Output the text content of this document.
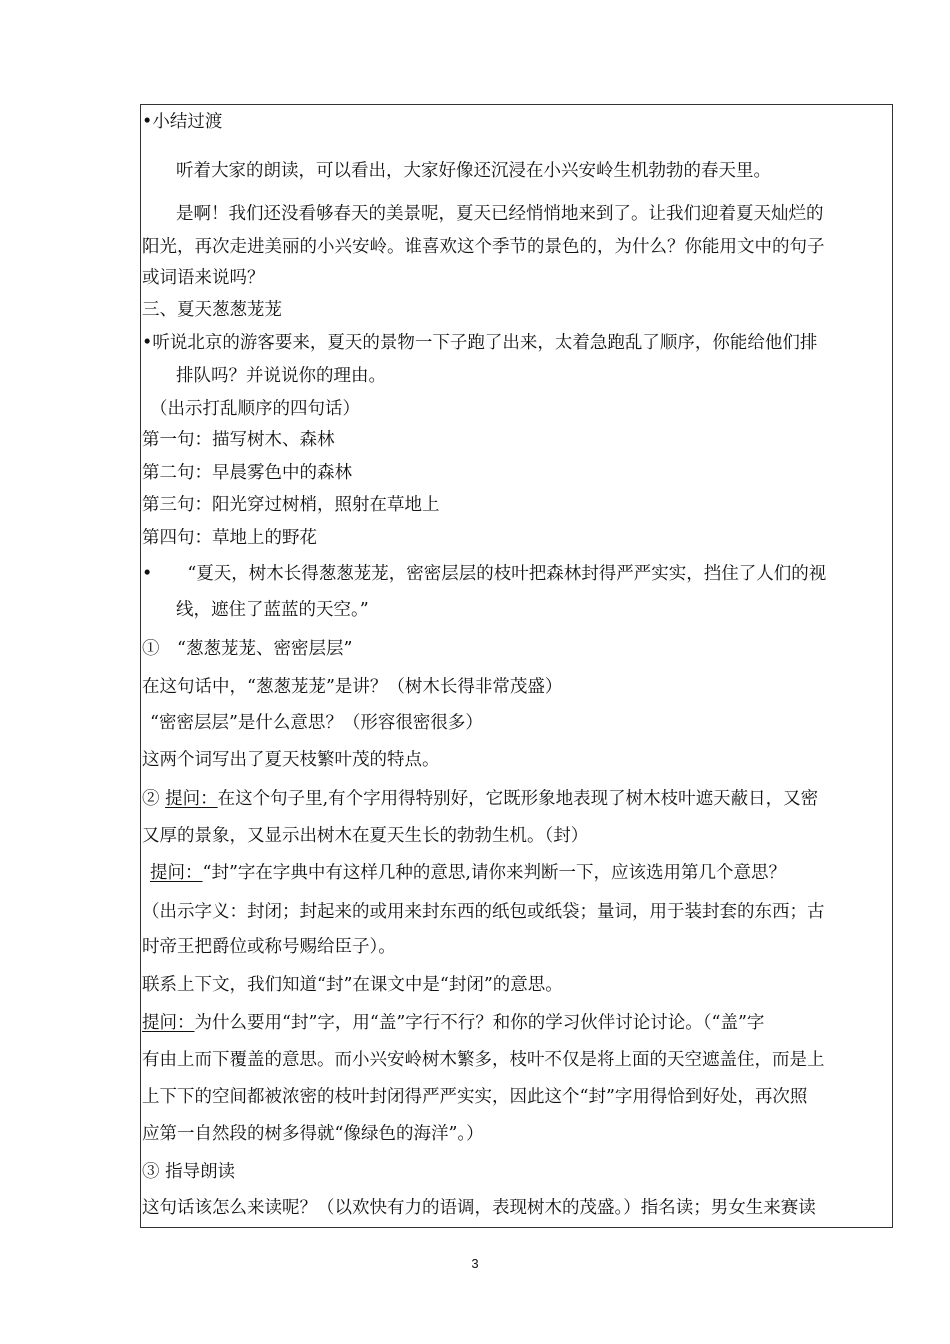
•小结过渡
听着大家的朗读，可以看出，大家好像还沉浸在小兴安岭生机勃勃的春天里。
是啊！我们还没看够春天的美景呢，夏天已经悄悄地来到了。让我们迎着夏天灿烂的
阳光，再次走进美丽的小兴安岭。谁喜欢这个季节的景色的，为什么？你能用文中的句子
或词语来说吗？
三、夏天葱葱茏茏
•听说北京的游客要来，夏天的景物一下子跑了出来，太着急跑乱了顺序，你能给他们排
排队吗？并说说你的理由。
（出示打乱顺序的四句话）
第一句：描写树木、森林
第二句：早晨雾色中的森林
第三句：阳光穿过树梢，照射在草地上
第四句：草地上的野花
•　　“夏天，树木长得葱葱茏茏，密密层层的枝叶把森林封得严严实实，挡住了人们的视
线，遮住了蓝蓝的天空。”
①　“葱葱茏茏、密密层层”
在这句话中，“葱葱茏茏”是讲？（树木长得非常茂盛）
“密密层层”是什么意思？（形容很密很多）
这两个词写出了夏天枝繁叶茂的特点。
② 提问：在这个句子里,有个字用得特别好，它既形象地表现了树木枝叶遮天蔽日，又密
又厚的景象，又显示出树木在夏天生长的勃勃生机。（封）
提问：“封”字在字典中有这样几种的意思,请你来判断一下，应该选用第几个意思？
（出示字义：封闭；封起来的或用来封东西的纸包或纸袋；量词，用于装封套的东西；古
时帝王把爵位或称号赐给臣子）。
联系上下文，我们知道“封”在课文中是“封闭”的意思。
提问：为什么要用“封”字，用“盖”字行不行？和你的学习伙伴讨论讨论。（“盖”字
有由上而下覆盖的意思。而小兴安岭树木繁多，枝叶不仅是将上面的天空遮盖住，而是上
上下下的空间都被浓密的枝叶封闭得严严实实，因此这个“封”字用得恰到好处，再次照
应第一自然段的树多得就“像绿色的海洋”。）
③ 指导朗读
这句话该怎么来读呢？（以欢快有力的语调，表现树木的茂盛。）指名读；男女生来赛读
3
